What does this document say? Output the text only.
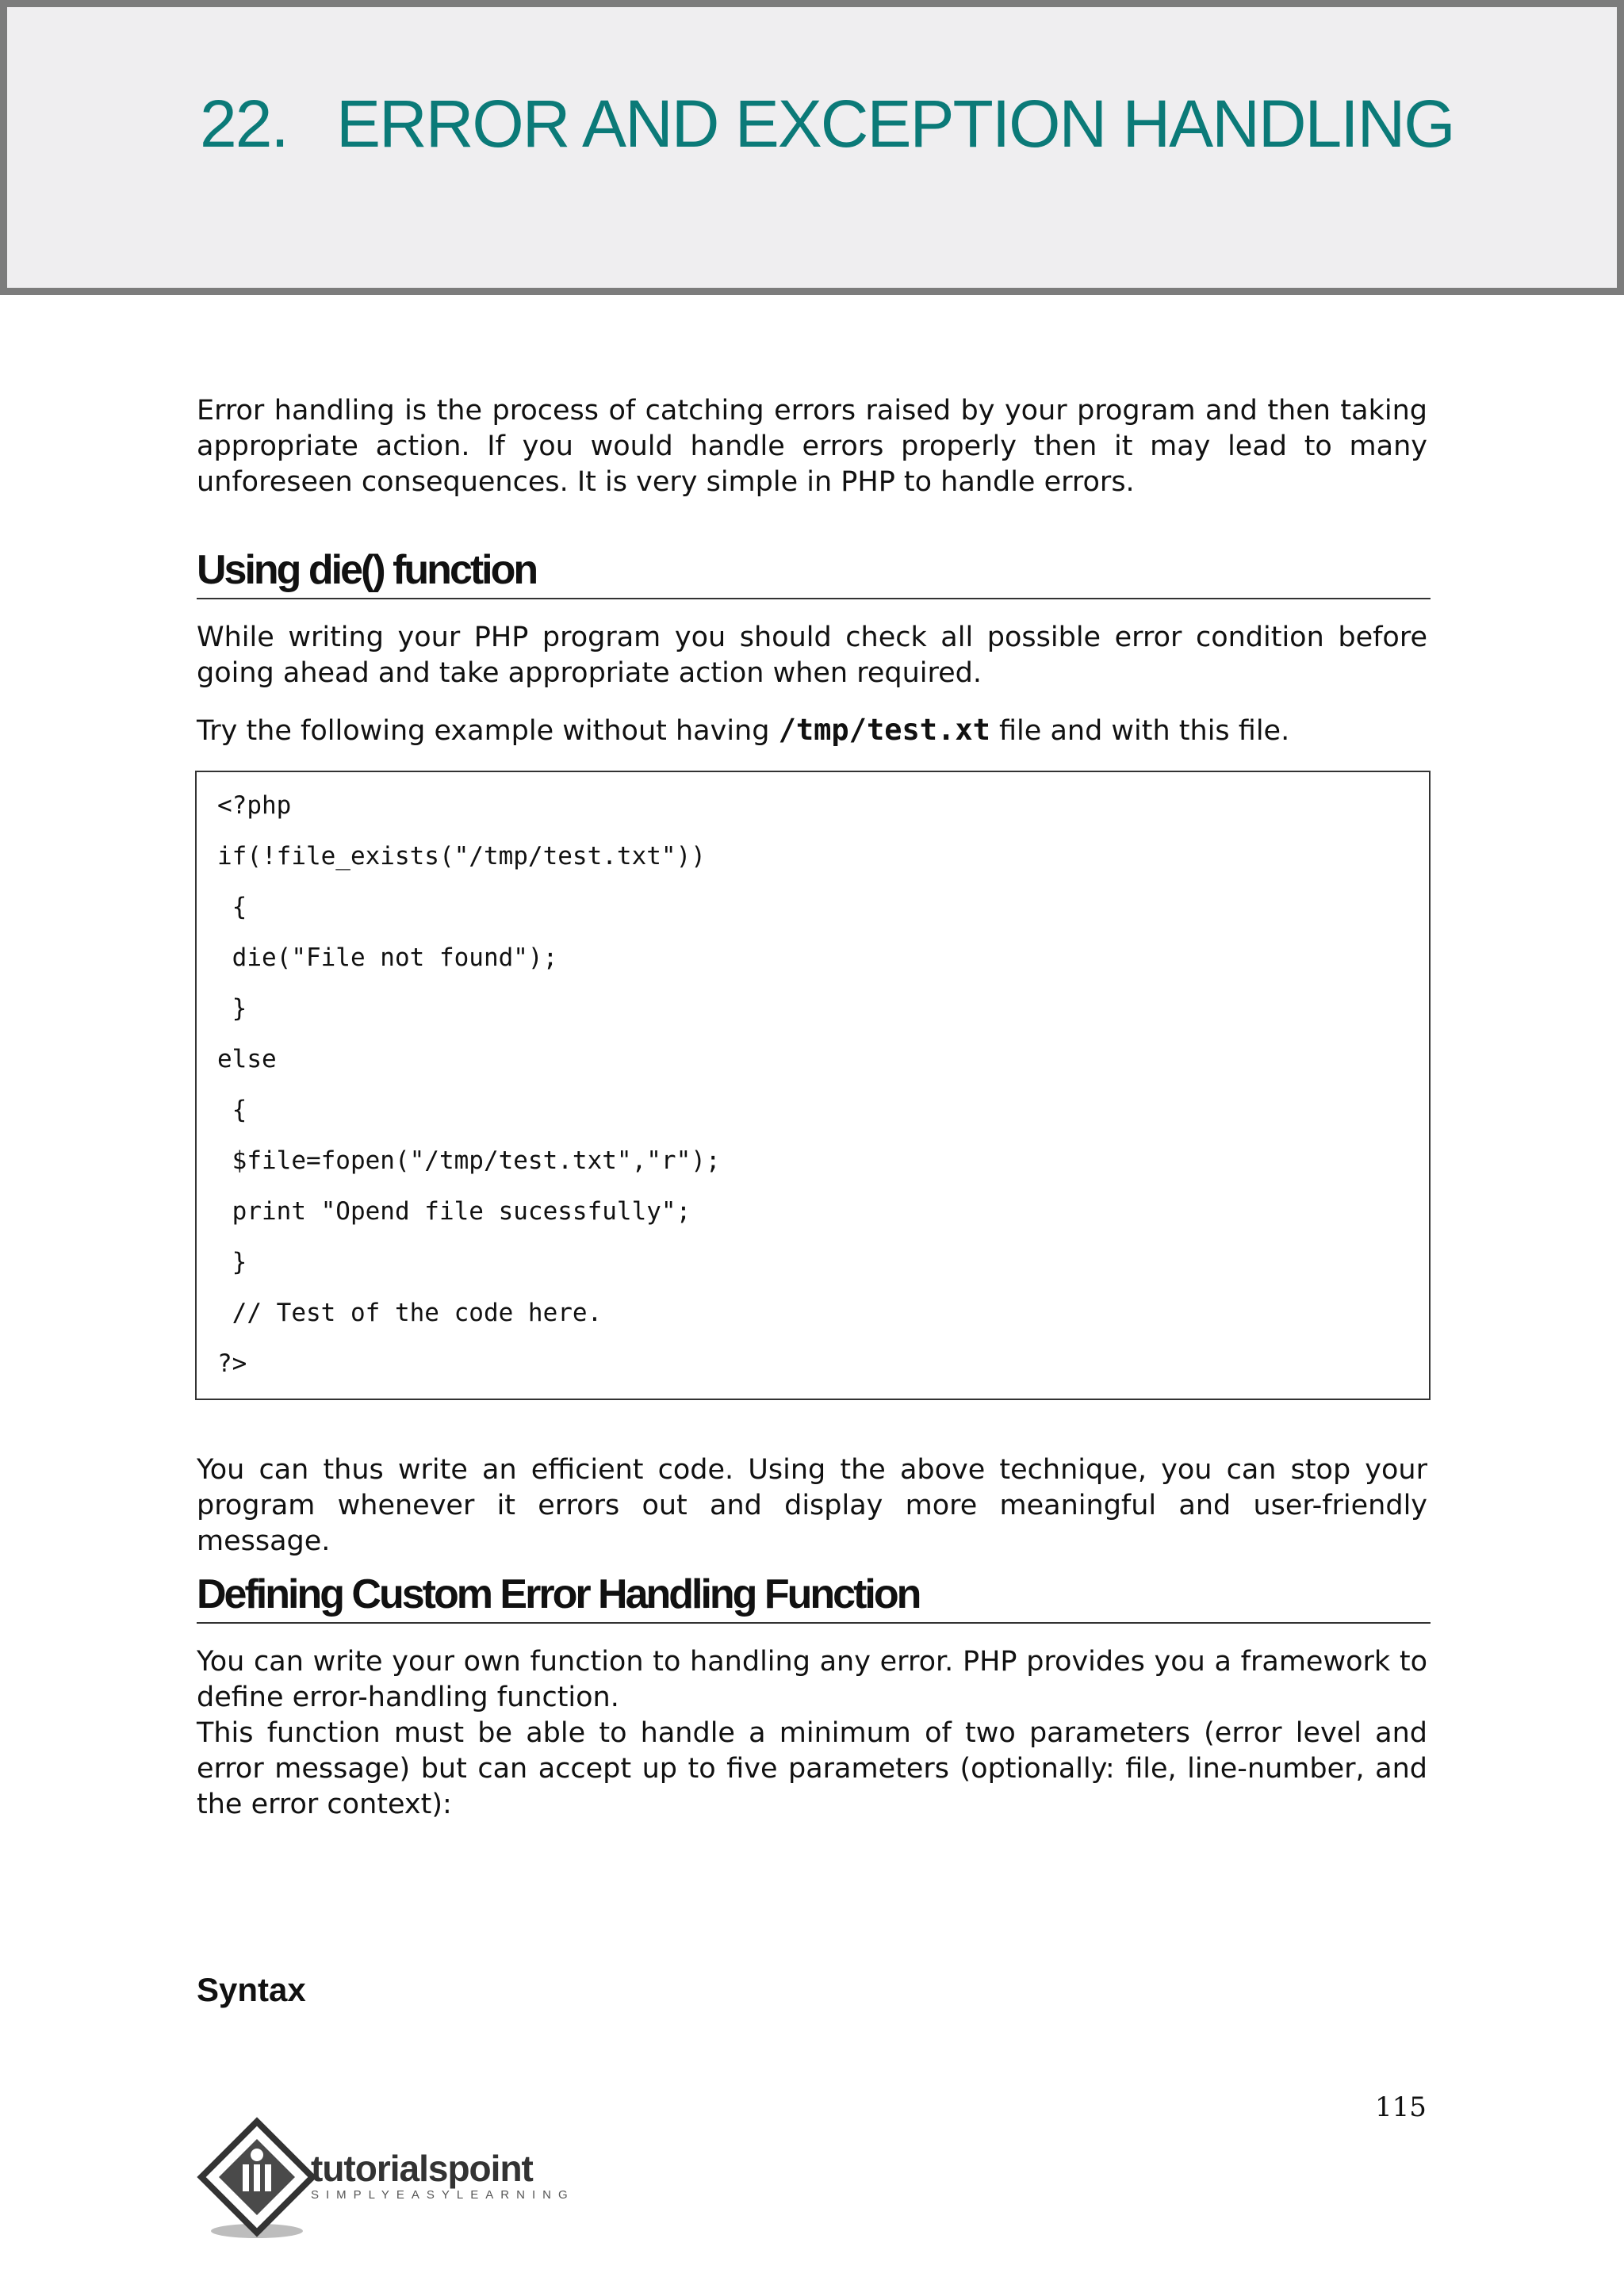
22. ERROR AND EXCEPTION HANDLING

Error handling is the process of catching errors raised by your program and then taking appropriate action. If you would handle errors properly then it may lead to many unforeseen consequences. It is very simple in PHP to handle errors.

Using die() function

While writing your PHP program you should check all possible error condition before going ahead and take appropriate action when required.

Try the following example without having /tmp/test.xt file and with this file.

<?php
if(!file_exists("/tmp/test.txt"))
{
die("File not found");
}
else
{
$file=fopen("/tmp/test.txt","r");
print "Opend file sucessfully";
}
// Test of the code here.
?>

You can thus write an efficient code. Using the above technique, you can stop your program whenever it errors out and display more meaningful and user-friendly message.

Defining Custom Error Handling Function

You can write your own function to handling any error. PHP provides you a framework to define error-handling function.

This function must be able to handle a minimum of two parameters (error level and error message) but can accept up to five parameters (optionally: file, line-number, and the error context):

Syntax
115
tutorialspoint
SIMPLYEASYLEARNING
